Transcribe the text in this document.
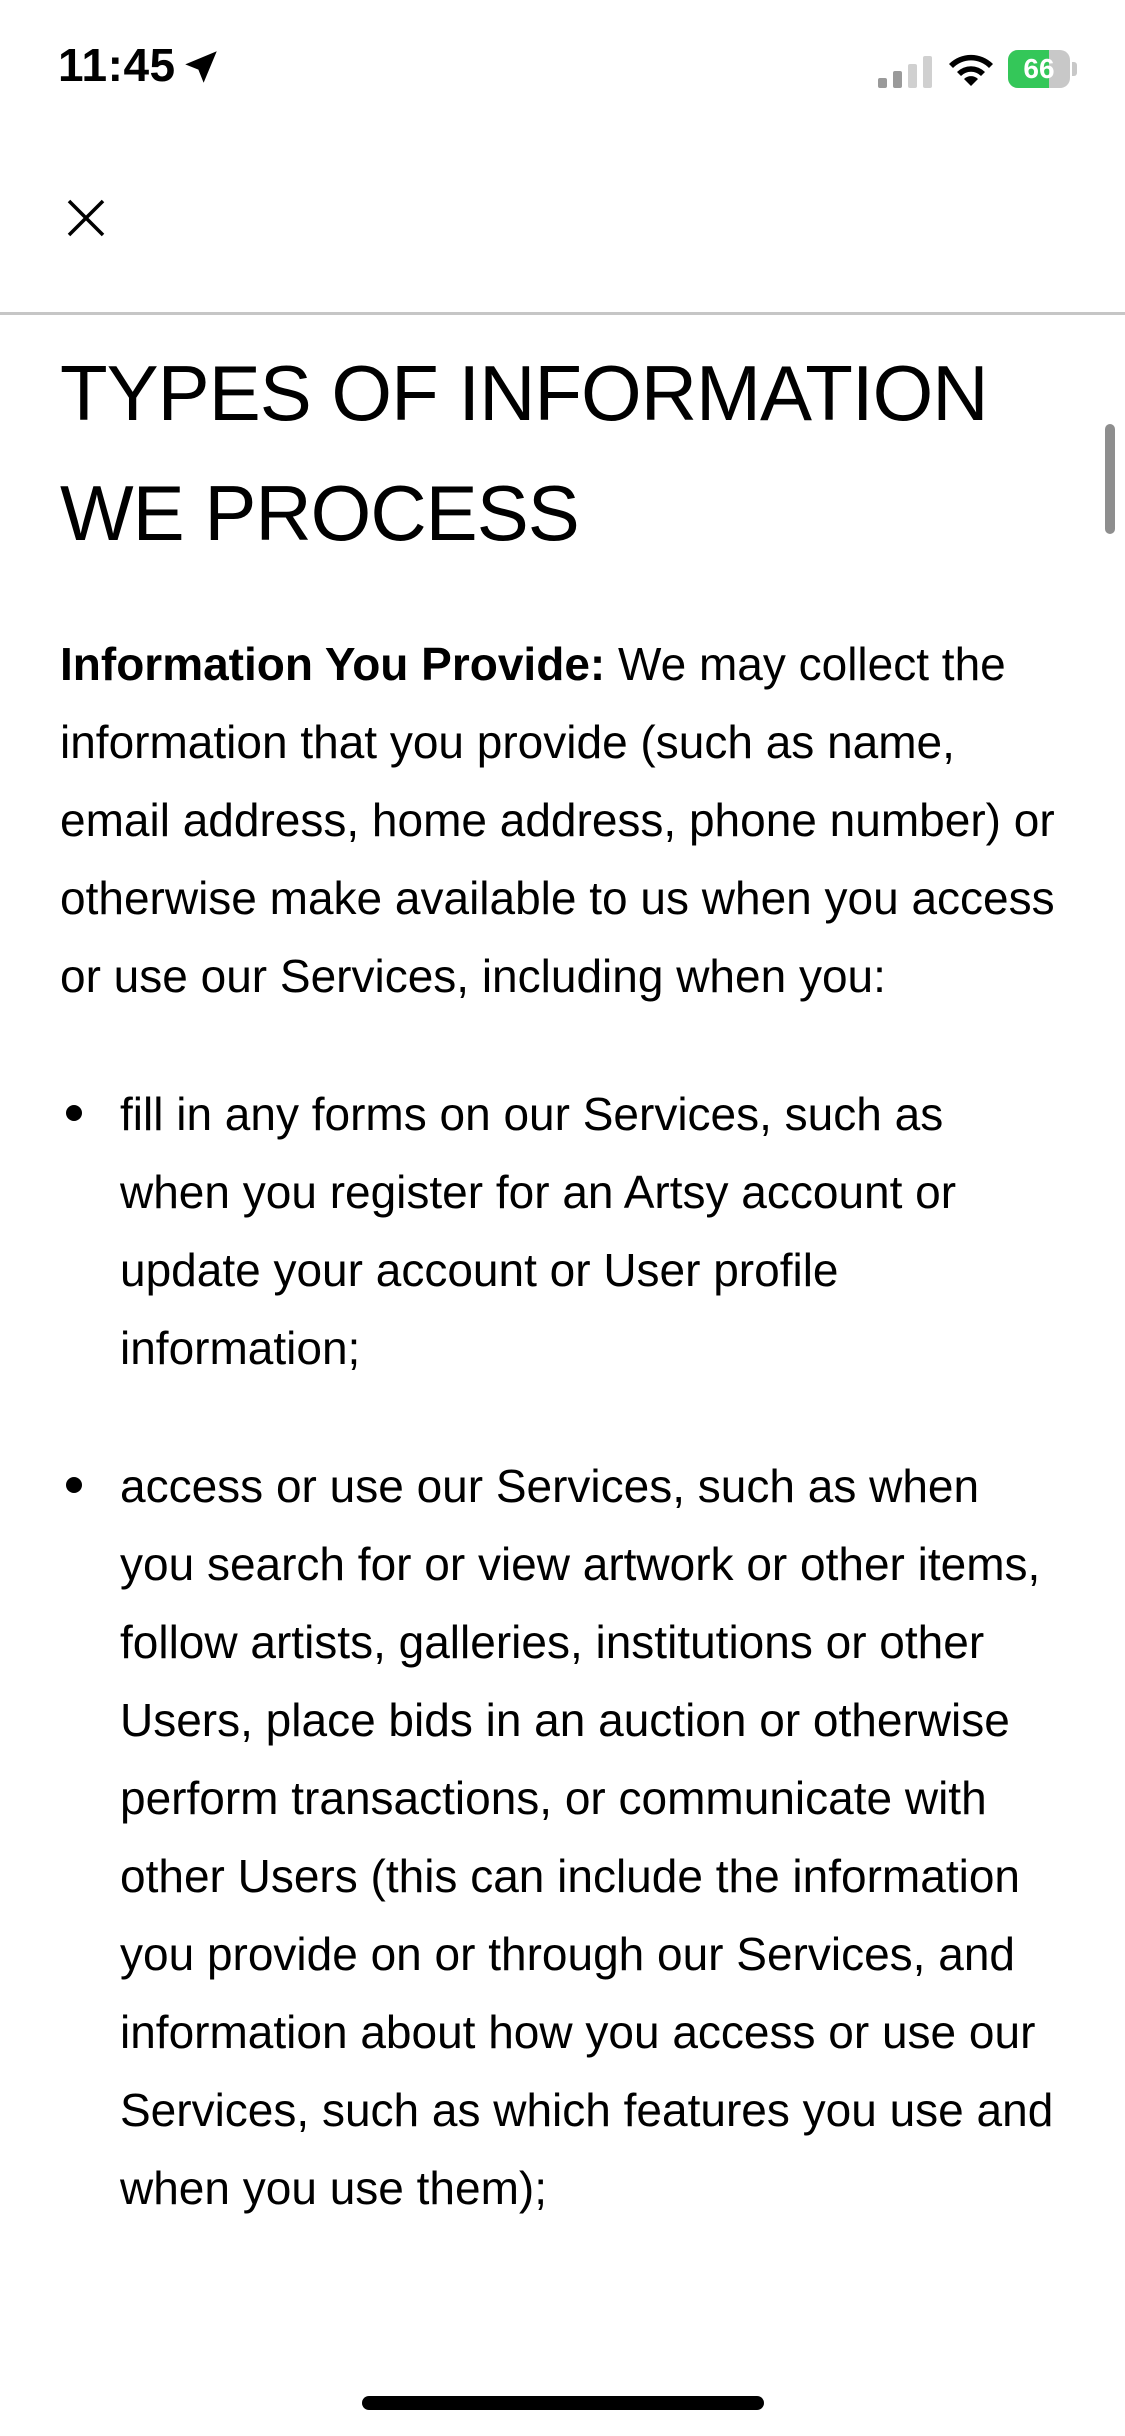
11:45	66
TYPES OF INFORMATION WE PROCESS

Information You Provide: We may collect the information that you provide (such as name, email address, home address, phone number) or otherwise make available to us when you access or use our Services, including when you:

fill in any forms on our Services, such as when you register for an Artsy account or update your account or User profile information;
access or use our Services, such as when you search for or view artwork or other items, follow artists, galleries, institutions or other Users, place bids in an auction or otherwise perform transactions, or communicate with other Users (this can include the information you provide on or through our Services, and information about how you access or use our Services, such as which features you use and when you use them);
